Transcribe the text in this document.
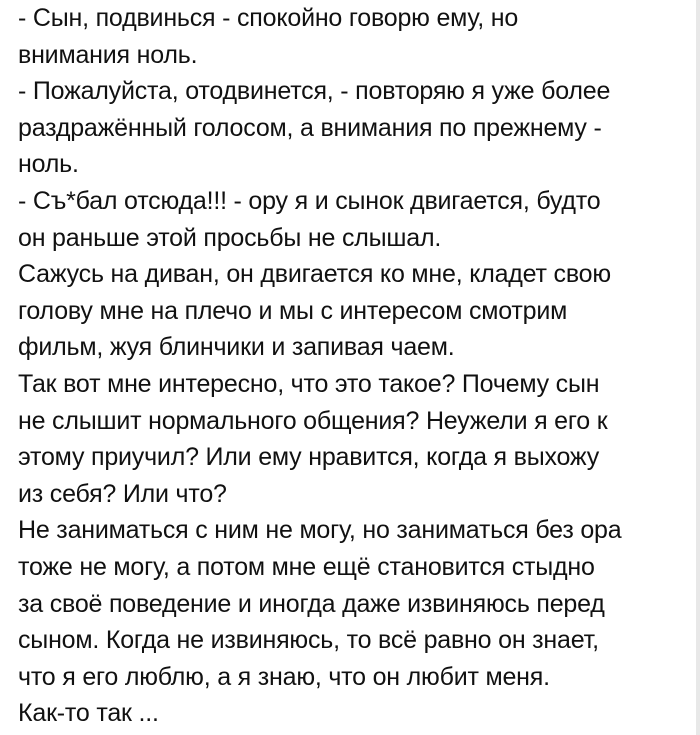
- Сын, подвинься - спокойно говорю ему, но
внимания ноль.
- Пожалуйста, отодвинется, - повторяю я уже более
раздражённый голосом, а внимания по прежнему -
ноль.
- Съ*бал отсюда!!! - ору я и сынок двигается, будто
он раньше этой просьбы не слышал.
Сажусь на диван, он двигается ко мне, кладет свою
голову мне на плечо и мы с интересом смотрим
фильм, жуя блинчики и запивая чаем.
Так вот мне интересно, что это такое? Почему сын
не слышит нормального общения? Неужели я его к
этому приучил? Или ему нравится, когда я выхожу
из себя? Или что?
Не заниматься с ним не могу, но заниматься без ора
тоже не могу, а потом мне ещё становится стыдно
за своё поведение и иногда даже извиняюсь перед
сыном. Когда не извиняюсь, то всё равно он знает,
что я его люблю, а я знаю, что он любит меня.
Как-то так ...
